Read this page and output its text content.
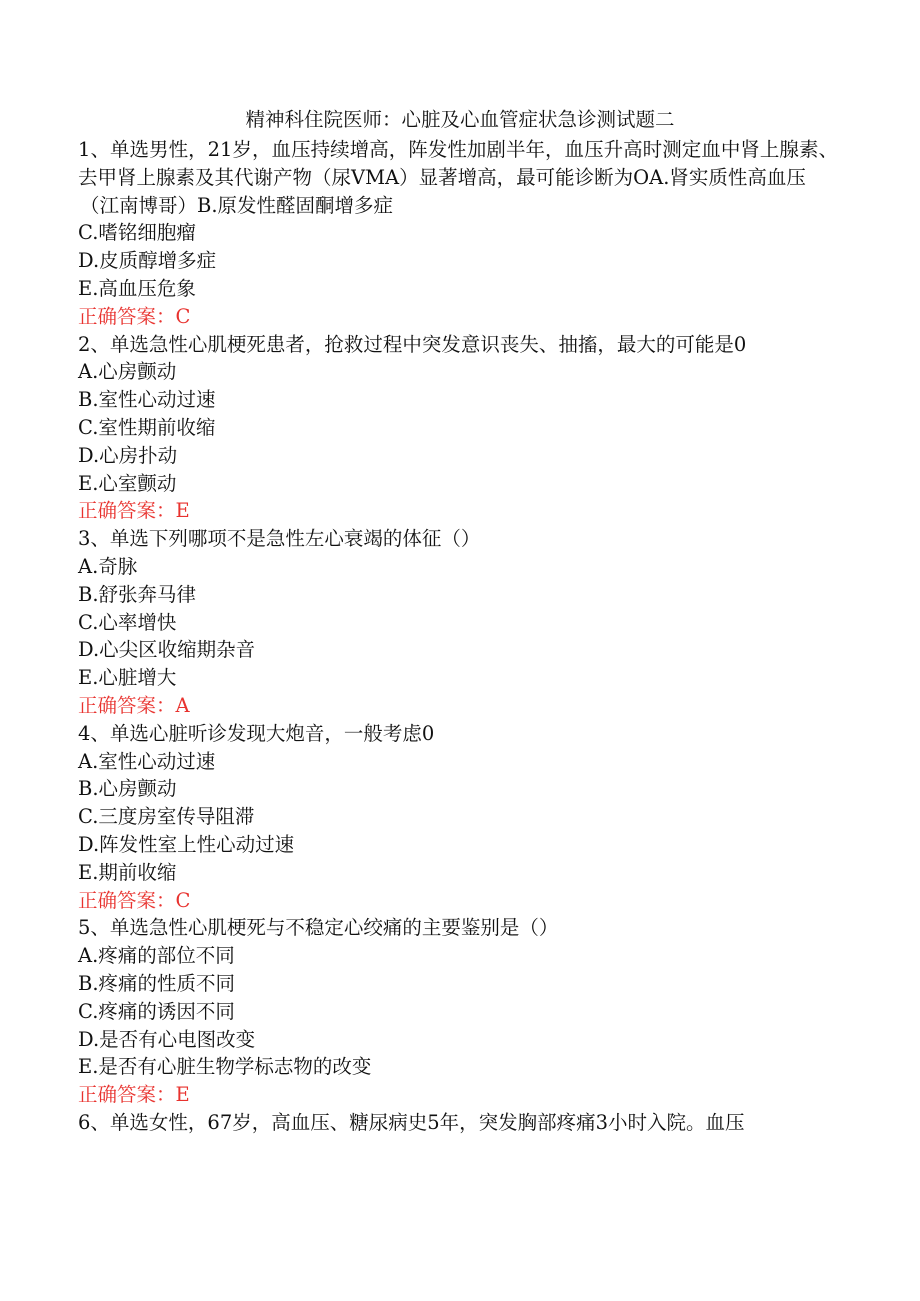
精神科住院医师：心脏及心血管症状急诊测试题二
1、单选男性，21岁，血压持续增高，阵发性加剧半年，血压升高时测定血中肾上腺素、去甲肾上腺素及其代谢产物（尿VMA）显著增高，最可能诊断为OA.肾实质性高血压
（江南博哥）B.原发性醛固酮增多症
C.嗜铭细胞瘤
D.皮质醇增多症
E.高血压危象
正确答案：C
2、单选急性心肌梗死患者，抢救过程中突发意识丧失、抽搐，最大的可能是0
A.心房颤动
B.室性心动过速
C.室性期前收缩
D.心房扑动
E.心室颤动
正确答案：E
3、单选下列哪项不是急性左心衰竭的体征（）
A.奇脉
B.舒张奔马律
C.心率增快
D.心尖区收缩期杂音
E.心脏增大
正确答案：A
4、单选心脏听诊发现大炮音，一般考虑0
A.室性心动过速
B.心房颤动
C.三度房室传导阻滞
D.阵发性室上性心动过速
E.期前收缩
正确答案：C
5、单选急性心肌梗死与不稳定心绞痛的主要鉴别是（）
A.疼痛的部位不同
B.疼痛的性质不同
C.疼痛的诱因不同
D.是否有心电图改变
E.是否有心脏生物学标志物的改变
正确答案：E
6、单选女性，67岁，高血压、糖尿病史5年，突发胸部疼痛3小时入院。血压
